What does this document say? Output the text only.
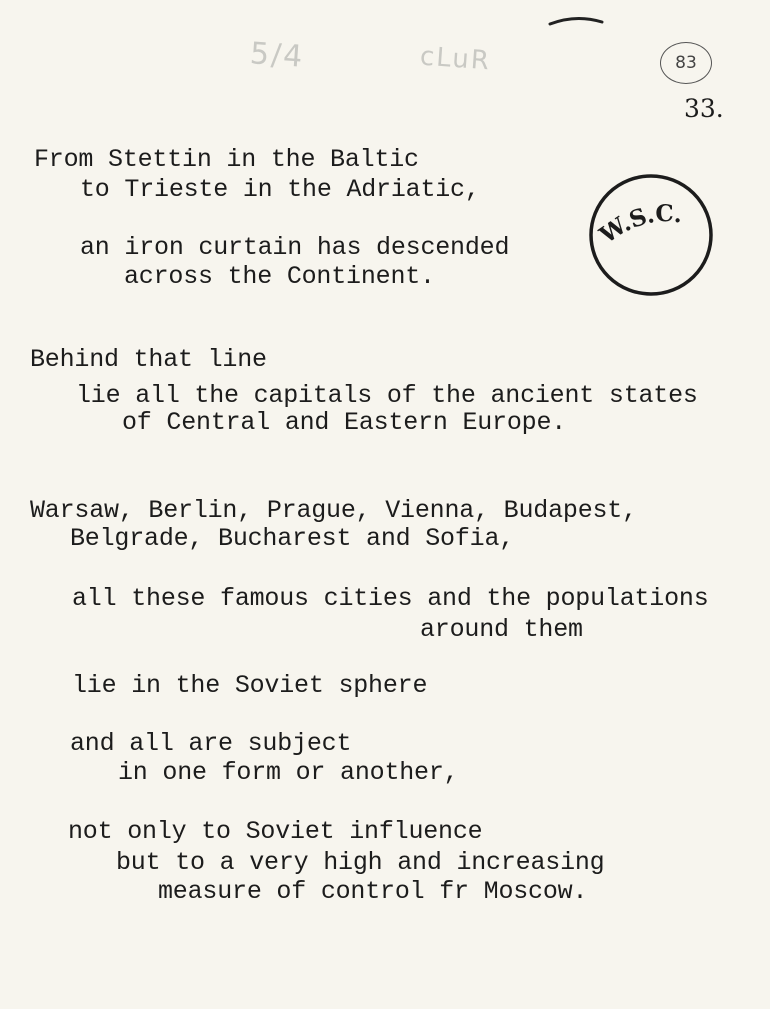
5/4	cLuR	83
33.
W.S.C.
From Stettin in the Baltic
to Trieste in the Adriatic,
an iron curtain has descended
across the Continent.
Behind that line
lie all the capitals of the ancient states
of Central and Eastern Europe.
Warsaw, Berlin, Prague, Vienna, Budapest,
Belgrade, Bucharest and Sofia,
all these famous cities and the populations
around them
lie in the Soviet sphere
and all are subject
in one form or another,
not only to Soviet influence
but to a very high and increasing
measure of control fr Moscow.
